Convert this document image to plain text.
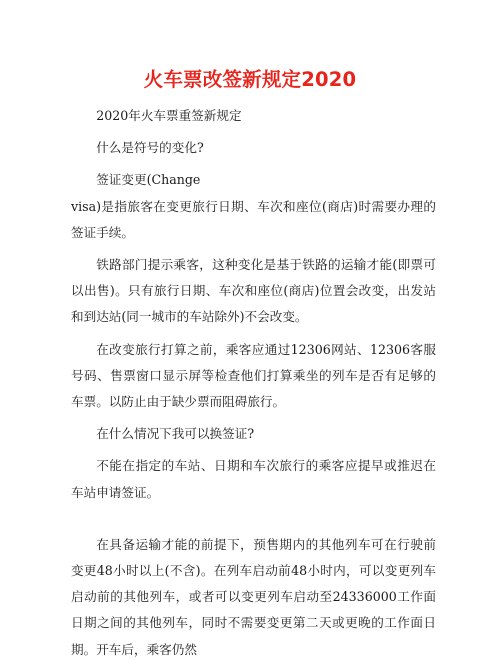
火车票改签新规定2020

2020年火车票重签新规定

什么是符号的变化?

签证变更(Change

visa)是指旅客在变更旅行日期、车次和座位(商店)时需要办理的签证手续。

铁路部门提示乘客，这种变化是基于铁路的运输才能(即票可以出售)。只有旅行日期、车次和座位(商店)位置会改变，出发站和到达站(同一城市的车站除外)不会改变。

在改变旅行打算之前，乘客应通过12306网站、12306客服号码、售票窗口显示屏等检查他们打算乘坐的列车是否有足够的车票。以防止由于缺少票而阻碍旅行。

在什么情况下我可以换签证?

不能在指定的车站、日期和车次旅行的乘客应提早或推迟在车站申请签证。

在具备运输才能的前提下，预售期内的其他列车可在行驶前变更48小时以上(不含)。在列车启动前48小时内，可以变更列车启动前的其他列车，或者可以变更列车启动至24336000工作面日期之间的其他列车，同时不需要变更第二天或更晚的工作面日期。开车后，乘客仍然
